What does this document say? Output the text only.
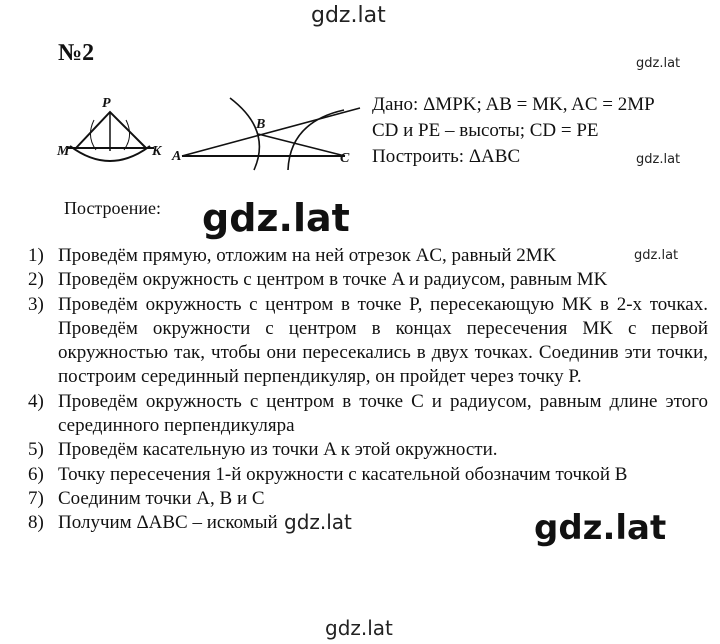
gdz.lat
gdz.lat
gdz.lat
gdz.lat
gdz.lat
gdz.lat	gdz.lat
gdz.lat
№2
P
M	K A
B
C
Дано: ΔMPK; AB = MK, AC = 2MP
CD и PE – высоты; CD = PE
Построить: ΔABC
Построение:
1) Проведём прямую, отложим на ней отрезок AC, равный 2MK
2) Проведём окружность с центром в точке A и радиусом, равным MK
3) Проведём окружность с центром в точке P, пересекающую MK в 2-х точках. Проведём окружности с центром в концах пересечения MK с первой окружностью так, чтобы они пересекались в двух точках. Соединив эти точки, построим серединный перпендикуляр, он пройдет через точку P.
4) Проведём окружность с центром в точке C и радиусом, равным длине этого серединного перпендикуляра
5) Проведём касательную из точки A к этой окружности.
6) Точку пересечения 1-й окружности с касательной обозначим точкой B
7) Соединим точки A, B и C
8) Получим ΔABC – искомый
